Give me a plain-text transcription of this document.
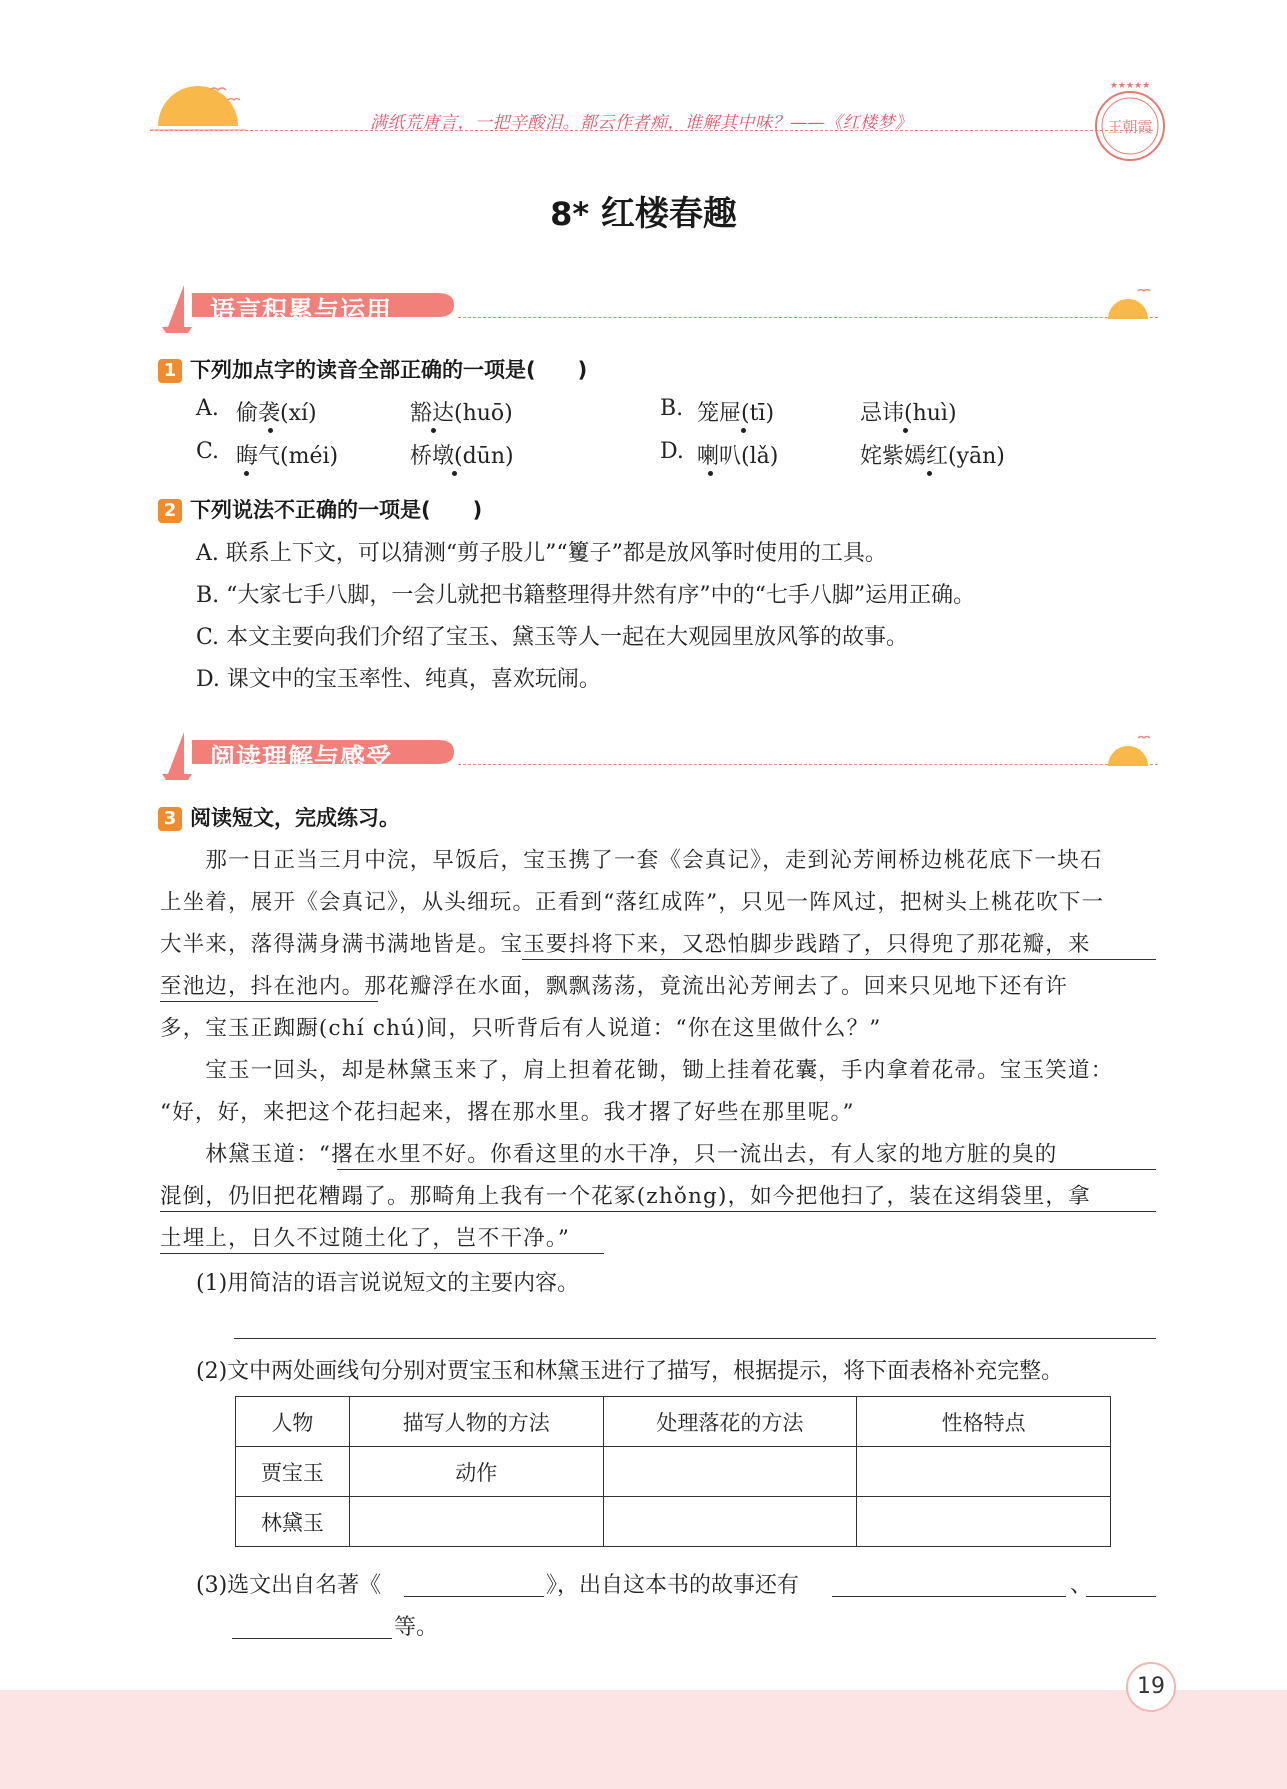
满纸荒唐言，一把辛酸泪。都云作者痴，谁解其中味？——《红楼梦》
★★★★★
王朝霞
8* 红楼春趣
语言积累与运用
1 下列加点字的读音全部正确的一项是(　　)
A. 偷袭(xí)	豁达(huō)	B. 笼屉(tī)	忌讳(huì)
C. 晦气(méi)	桥墩(dūn)	D. 喇叭(lǎ)	姹紫嫣红(yān)
2 下列说法不正确的一项是(　　)
A. 联系上下文，可以猜测“剪子股儿”“籰子”都是放风筝时使用的工具。
B. “大家七手八脚，一会儿就把书籍整理得井然有序”中的“七手八脚”运用正确。
C. 本文主要向我们介绍了宝玉、黛玉等人一起在大观园里放风筝的故事。
D. 课文中的宝玉率性、纯真，喜欢玩闹。
阅读理解与感受
3 阅读短文，完成练习。
　　那一日正当三月中浣，早饭后，宝玉携了一套《会真记》，走到沁芳闸桥边桃花底下一块石
上坐着，展开《会真记》，从头细玩。正看到“落红成阵”，只见一阵风过，把树头上桃花吹下一
大半来，落得满身满书满地皆是。宝玉要抖将下来，又恐怕脚步践踏了，只得兜了那花瓣，来
至池边，抖在池内。那花瓣浮在水面，飘飘荡荡，竟流出沁芳闸去了。回来只见地下还有许
多，宝玉正踟蹰(chí chú)间，只听背后有人说道：“你在这里做什么？”
　　宝玉一回头，却是林黛玉来了，肩上担着花锄，锄上挂着花囊，手内拿着花帚。宝玉笑道：
“好，好，来把这个花扫起来，撂在那水里。我才撂了好些在那里呢。”
　　林黛玉道：“撂在水里不好。你看这里的水干净，只一流出去，有人家的地方脏的臭的
混倒，仍旧把花糟蹋了。那畸角上我有一个花冢(zhǒng)，如今把他扫了，装在这绢袋里，拿
土埋上，日久不过随土化了，岂不干净。”
(1)用简洁的语言说说短文的主要内容。
(2)文中两处画线句分别对贾宝玉和林黛玉进行了描写，根据提示，将下面表格补充完整。
人物	描写人物的方法	处理落花的方法	性格特点
贾宝玉	动作		
林黛玉			
(3)选文出自名著《	》，出自这本书的故事还有	、
等。
19
